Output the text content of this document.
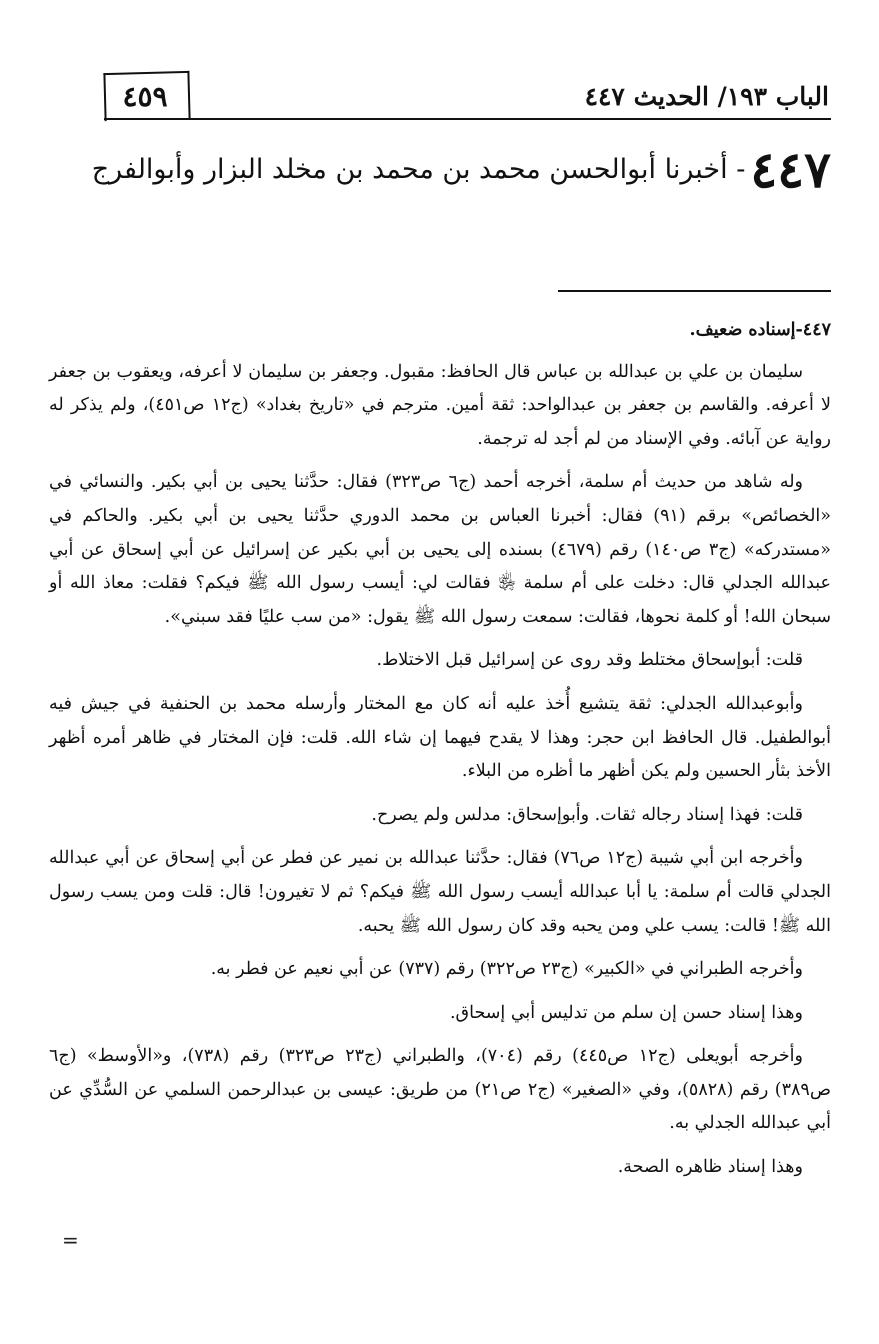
٤٥٩	الباب ١٩٣/ الحديث ٤٤٧
٤٤٧ - أخبرنا أبوالحسن محمد بن محمد بن مخلد البزار وأبوالفرج
٤٤٧-إسناده ضعيف.

سليمان بن علي بن عبدالله بن عباس قال الحافظ: مقبول. وجعفر بن سليمان لا أعرفه، ويعقوب بن جعفر لا أعرفه. والقاسم بن جعفر بن عبدالواحد: ثقة أمين. مترجم في «تاريخ بغداد» (ج١٢ ص٤٥١)، ولم يذكر له رواية عن آبائه. وفي الإسناد من لم أجد له ترجمة.

وله شاهد من حديث أم سلمة، أخرجه أحمد (ج٦ ص٣٢٣) فقال: حدَّثنا يحيى بن أبي بكير. والنسائي في «الخصائص» برقم (٩١) فقال: أخبرنا العباس بن محمد الدوري حدَّثنا يحيى بن أبي بكير. والحاكم في «مستدركه» (ج٣ ص١٤٠) رقم (٤٦٧٩) بسنده إلى يحيى بن أبي بكير عن إسرائيل عن أبي إسحاق عن أبي عبدالله الجدلي قال: دخلت على أم سلمة ﵂ فقالت لي: أيسب رسول الله ﷺ فيكم؟ فقلت: معاذ الله أو سبحان الله! أو كلمة نحوها، فقالت: سمعت رسول الله ﷺ يقول: «من سب عليًا فقد سبني».

قلت: أبوإسحاق مختلط وقد روى عن إسرائيل قبل الاختلاط.

وأبوعبدالله الجدلي: ثقة يتشيع أُخذ عليه أنه كان مع المختار وأرسله محمد بن الحنفية في جيش فيه أبوالطفيل. قال الحافظ ابن حجر: وهذا لا يقدح فيهما إن شاء الله. قلت: فإن المختار في ظاهر أمره أظهر الأخذ بثأر الحسين ولم يكن أظهر ما أظره من البلاء.

قلت: فهذا إسناد رجاله ثقات. وأبوإسحاق: مدلس ولم يصرح.

وأخرجه ابن أبي شيبة (ج١٢ ص٧٦) فقال: حدَّثنا عبدالله بن نمير عن فطر عن أبي إسحاق عن أبي عبدالله الجدلي قالت أم سلمة: يا أبا عبدالله أيسب رسول الله ﷺ فيكم؟ ثم لا تغيرون! قال: قلت ومن يسب رسول الله ﷺ! قالت: يسب علي ومن يحبه وقد كان رسول الله ﷺ يحبه.

وأخرجه الطبراني في «الكبير» (ج٢٣ ص٣٢٢) رقم (٧٣٧) عن أبي نعيم عن فطر به.

وهذا إسناد حسن إن سلم من تدليس أبي إسحاق.

وأخرجه أبويعلى (ج١٢ ص٤٤٥) رقم (٧٠٤)، والطبراني (ج٢٣ ص٣٢٣) رقم (٧٣٨)، و«الأوسط» (ج٦ ص٣٨٩) رقم (٥٨٢٨)، وفي «الصغير» (ج٢ ص٢١) من طريق: عيسى بن عبدالرحمن السلمي عن السُّدِّي عن أبي عبدالله الجدلي به.

وهذا إسناد ظاهره الصحة.

=
